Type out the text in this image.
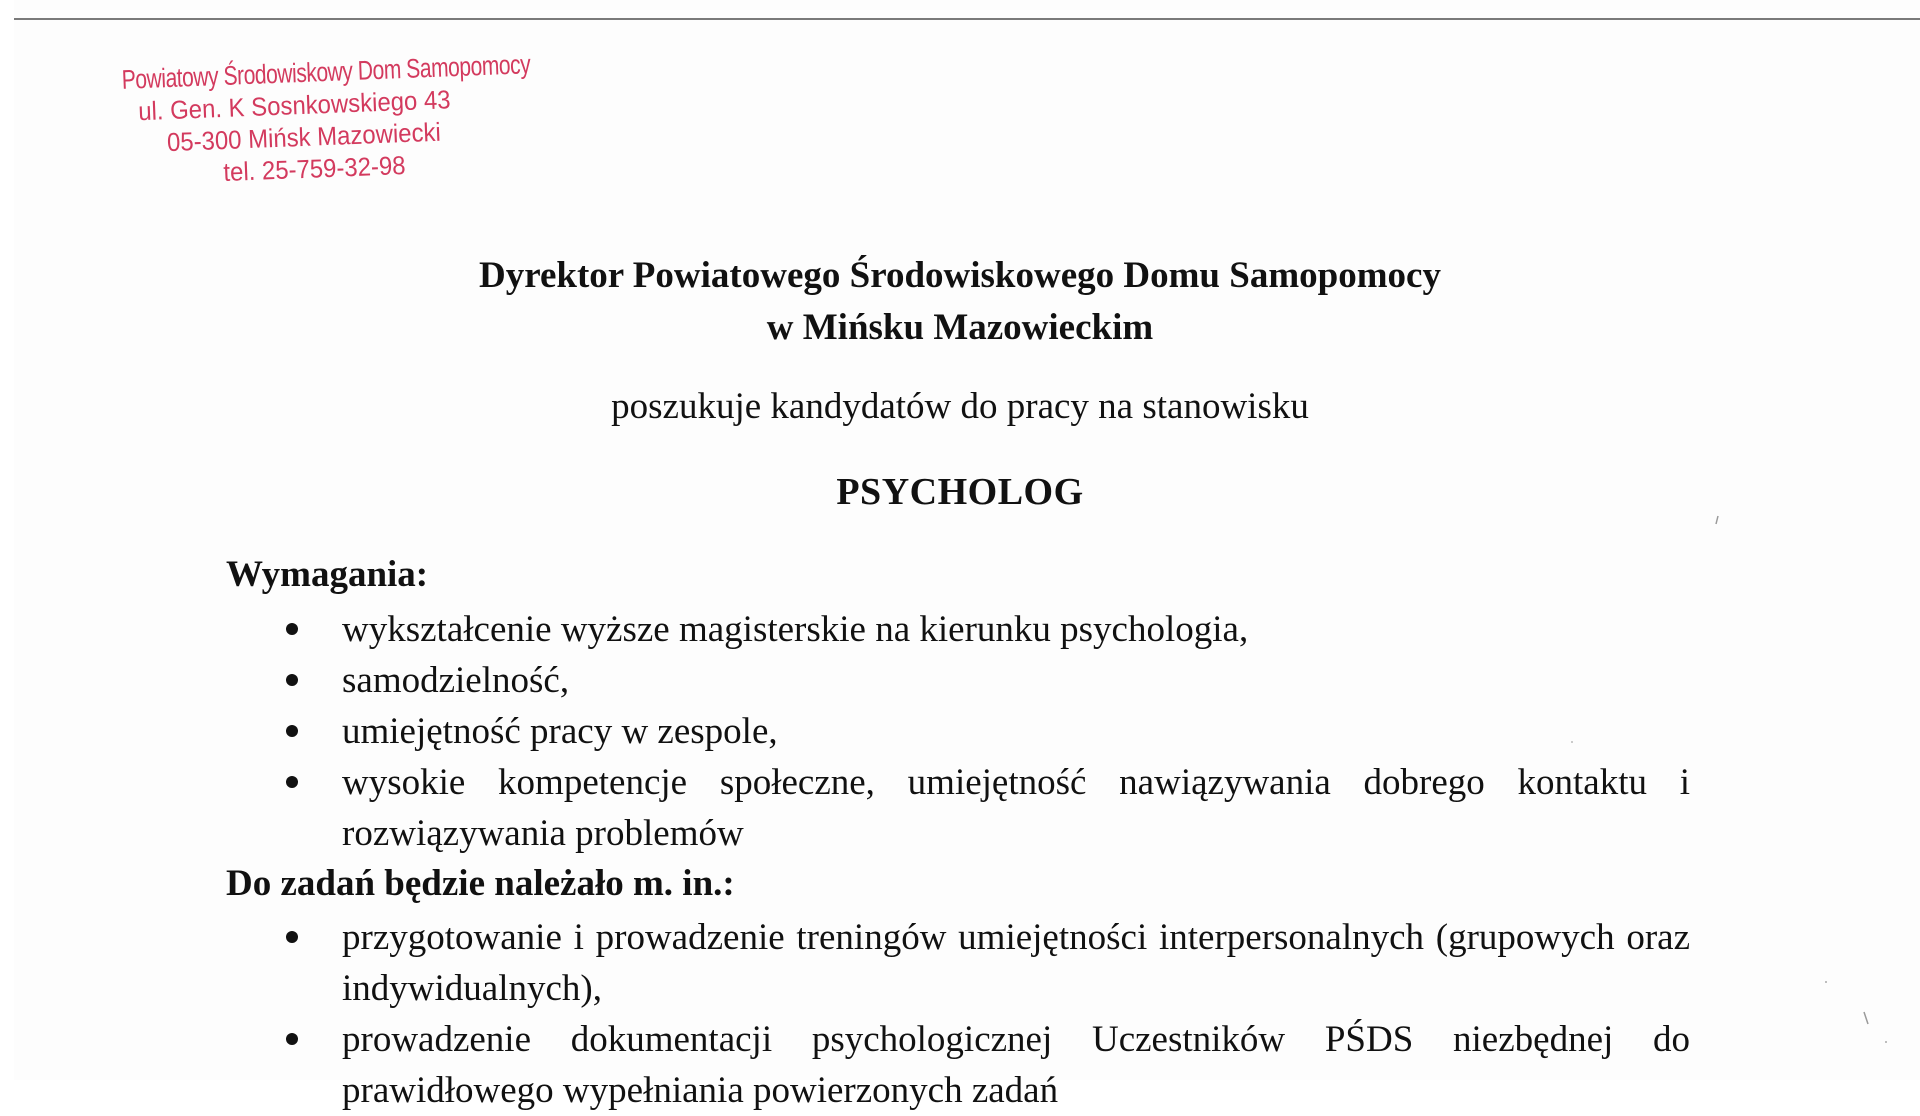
Powiatowy Środowiskowy Dom Samopomocy
ul. Gen. K Sosnkowskiego 43
05-300 Mińsk Mazowiecki
tel. 25-759-32-98
Dyrektor Powiatowego Środowiskowego Domu Samopomocy
w Mińsku Mazowieckim
poszukuje kandydatów do pracy na stanowisku
PSYCHOLOG
Wymagania:
wykształcenie wyższe magisterskie na kierunku psychologia,
samodzielność,
umiejętność pracy w zespole,
wysokie kompetencje społeczne, umiejętność nawiązywania dobrego kontaktu i rozwiązywania problemów
Do zadań będzie należało m. in.:
przygotowanie i prowadzenie treningów umiejętności interpersonalnych (grupowych oraz indywidualnych),
prowadzenie dokumentacji psychologicznej Uczestników PŚDS niezbędnej do prawidłowego wypełniania powierzonych zadań
